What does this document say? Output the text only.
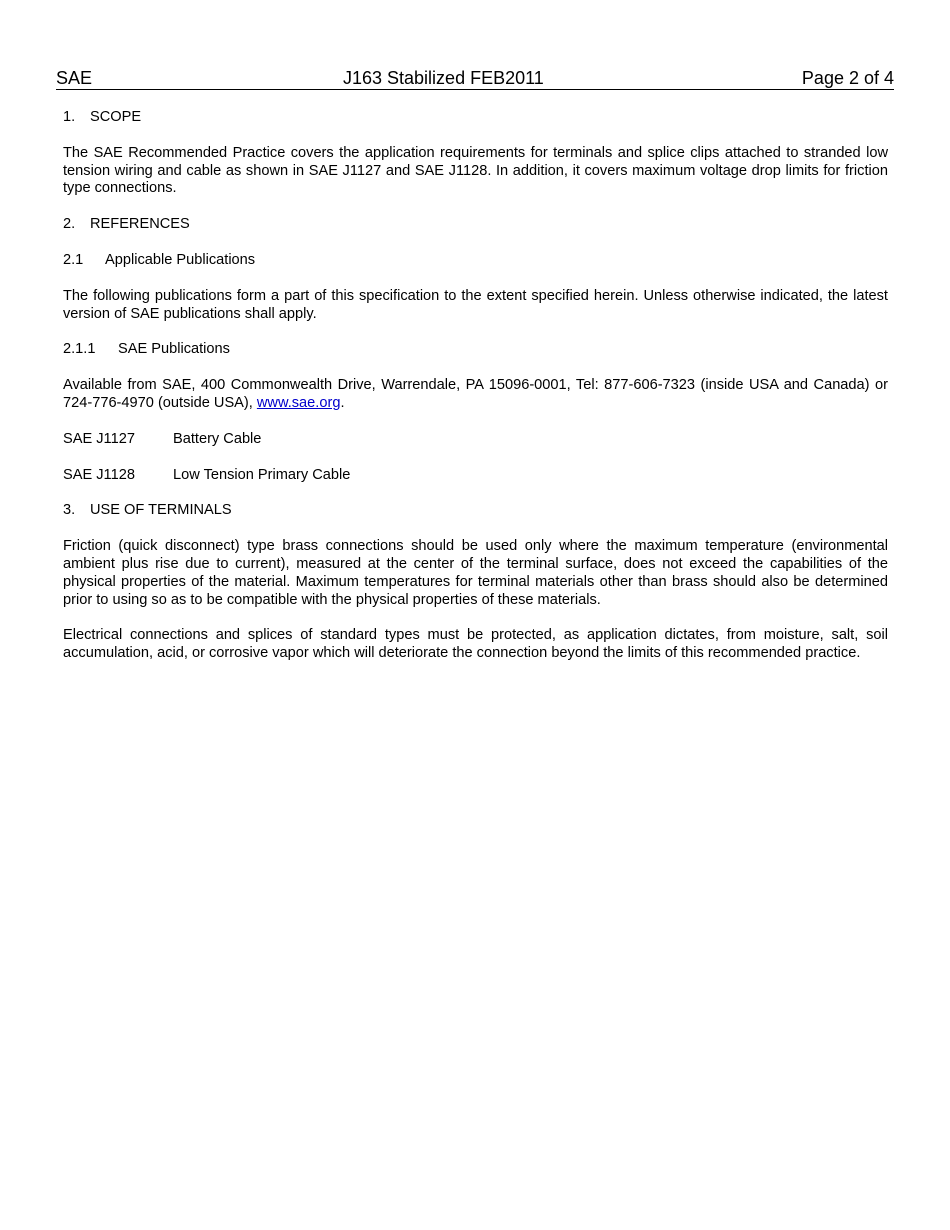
SAE	J163 Stabilized FEB2011	Page 2 of 4

1. SCOPE

The SAE Recommended Practice covers the application requirements for terminals and splice clips attached to stranded low tension wiring and cable as shown in SAE J1127 and SAE J1128. In addition, it covers maximum voltage drop limits for friction type connections.

2. REFERENCES

2.1 Applicable Publications

The following publications form a part of this specification to the extent specified herein. Unless otherwise indicated, the latest version of SAE publications shall apply.

2.1.1 SAE Publications

Available from SAE, 400 Commonwealth Drive, Warrendale, PA 15096-0001, Tel: 877-606-7323 (inside USA and Canada) or 724-776-4970 (outside USA), www.sae.org.

SAE J1127	Battery Cable

SAE J1128	Low Tension Primary Cable

3. USE OF TERMINALS

Friction (quick disconnect) type brass connections should be used only where the maximum temperature (environmental ambient plus rise due to current), measured at the center of the terminal surface, does not exceed the capabilities of the physical properties of the material. Maximum temperatures for terminal materials other than brass should also be determined prior to using so as to be compatible with the physical properties of these materials.

Electrical connections and splices of standard types must be protected, as application dictates, from moisture, salt, soil accumulation, acid, or corrosive vapor which will deteriorate the connection beyond the limits of this recommended practice.
